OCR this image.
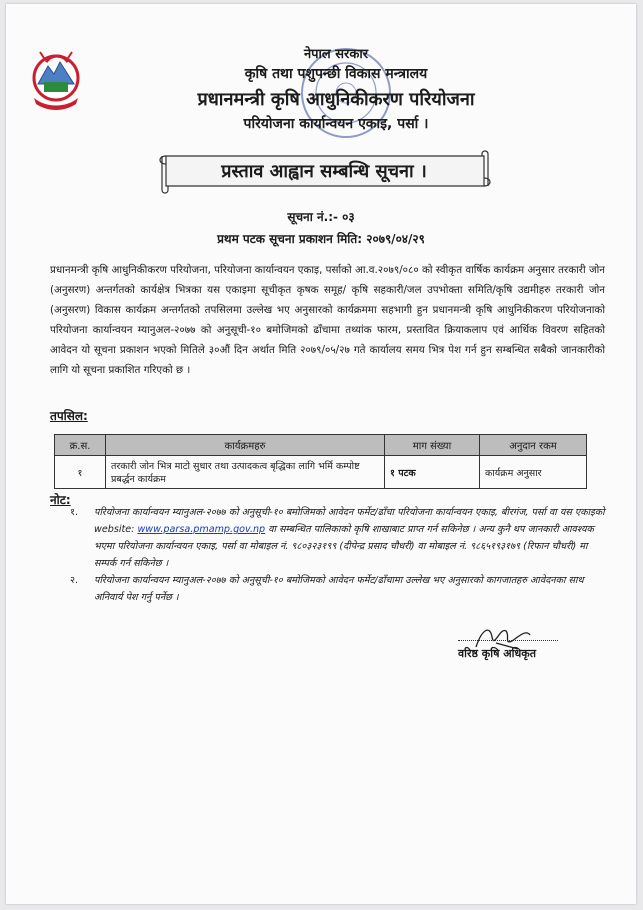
नेपाल सरकार
कृषि तथा पशुपन्छी विकास मन्त्रालय
प्रधानमन्त्री कृषि आधुनिकीकरण परियोजना
परियोजना कार्यान्वयन एकाइ, पर्सा ।
प्रस्ताव आह्वान सम्बन्धि सूचना ।
सूचना नं.:- ०३
प्रथम पटक सूचना प्रकाशन मिति: २०७९/०४/२९
प्रधानमन्त्री कृषि आधुनिकीकरण परियोजना, परियोजना कार्यान्वयन एकाइ, पर्साको आ.व.२०७९/०८० को स्वीकृत वार्षिक कार्यक्रम अनुसार तरकारी जोन (अनुसरण) अन्तर्गतको कार्यक्षेत्र भित्रका यस एकाइमा सूचीकृत कृषक समूह/ कृषि सहकारी/जल उपभोक्ता समिति/कृषि उद्यमीहरु तरकारी जोन (अनुसरण) विकास कार्यक्रम अन्तर्गतको तपसिलमा उल्लेख भए अनुसारको कार्यक्रममा सहभागी हुन प्रधानमन्त्री कृषि आधुनिकीकरण परियोजनाको परियोजना कार्यान्वयन म्यानुअल-२०७७ को अनुसूची-१० बमोजिमको ढाँचामा तथ्यांक फारम, प्रस्तावित क्रियाकलाप एवं आर्थिक विवरण सहितको आवेदन यो सूचना प्रकाशन भएको मितिले ३०औं दिन अर्थात मिति २०७९/०५/२७ गते कार्यालय समय भित्र पेश गर्न हुन सम्बन्धित सबैको जानकारीको लागि यो सूचना प्रकाशित गरिएको छ ।
तपसिल:
क्र.स.	कार्यक्रमहरु	माग संख्या	अनुदान रकम
१	तरकारी जोन भित्र माटो सुधार तथा उत्पादकत्व बृद्धिका लागि भर्मि कम्पोष्ट प्रबर्द्धन कार्यक्रम	१ पटक	कार्यक्रम अनुसार
नोट:
१. परियोजना कार्यान्वयन म्यानुअल-२०७७ को अनुसूची-१० बमोजिमको आवेदन फर्मेट/ढाँचा परियोजना कार्यान्वयन एकाइ, बीरगंज, पर्सा वा यस एकाइको website: www.parsa.pmamp.gov.np वा सम्बन्धित पालिकाको कृषि शाखाबाट प्राप्त गर्न सकिनेछ । अन्य कुनै थप जानकारी आवश्यक भएमा परियोजना कार्यान्वयन एकाइ, पर्सा वा मोबाइल नं. ९८०३२३१९९ (दीपेन्द्र प्रसाद चौधरी) वा मोबाइल नं. ९८६५१९३१७९ (रिफान चौधरी) मा सम्पर्क गर्न सकिनेछ ।
२. परियोजना कार्यान्वयन म्यानुअल-२०७७ को अनुसूची-१० बमोजिमको आवेदन फर्मेट/ढाँचामा उल्लेख भए अनुसारको कागजातहरु आवेदनका साथ अनिवार्य पेश गर्नु पर्नेछ ।
वरिष्ठ कृषि अधिकृत
